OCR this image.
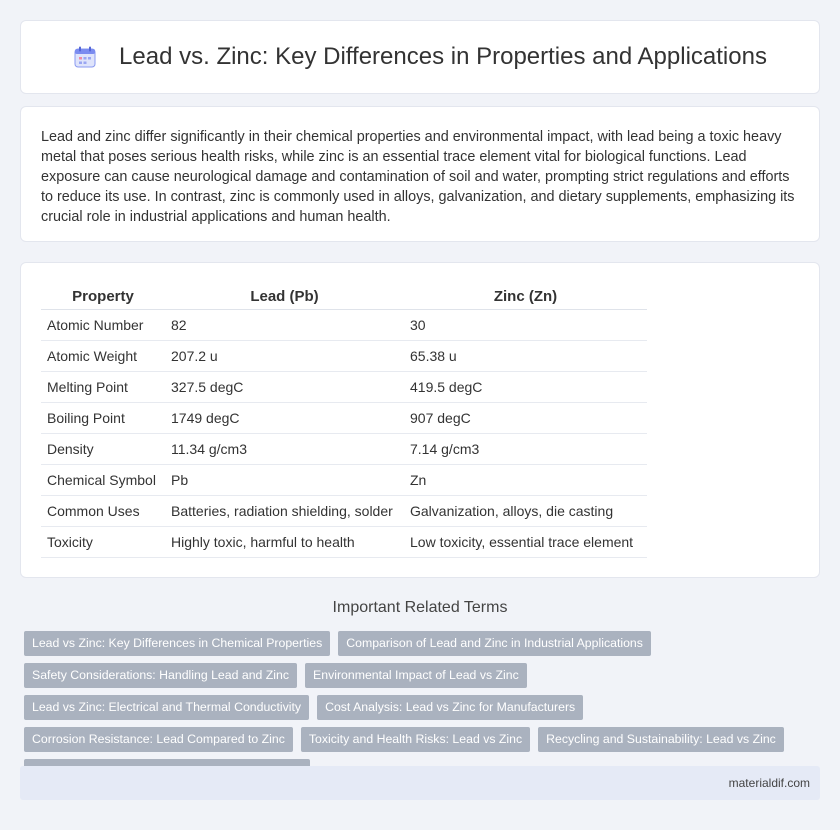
Lead vs. Zinc: Key Differences in Properties and Applications

Lead and zinc differ significantly in their chemical properties and environmental impact, with lead being a toxic heavy metal that poses serious health risks, while zinc is an essential trace element vital for biological functions. Lead exposure can cause neurological damage and contamination of soil and water, prompting strict regulations and efforts to reduce its use. In contrast, zinc is commonly used in alloys, galvanization, and dietary supplements, emphasizing its crucial role in industrial applications and human health.

Property	Lead (Pb)	Zinc (Zn)
Atomic Number	82	30
Atomic Weight	207.2 u	65.38 u
Melting Point	327.5 degC	419.5 degC
Boiling Point	1749 degC	907 degC
Density	11.34 g/cm3	7.14 g/cm3
Chemical Symbol	Pb	Zn
Common Uses	Batteries, radiation shielding, solder	Galvanization, alloys, die casting
Toxicity	Highly toxic, harmful to health	Low toxicity, essential trace element
Important Related Terms
Lead vs Zinc: Key Differences in Chemical Properties	Comparison of Lead and Zinc in Industrial Applications
Safety Considerations: Handling Lead and Zinc	Environmental Impact of Lead vs Zinc
Lead vs Zinc: Electrical and Thermal Conductivity	Cost Analysis: Lead vs Zinc for Manufacturers
Corrosion Resistance: Lead Compared to Zinc	Toxicity and Health Risks: Lead vs Zinc	Recycling and Sustainability: Lead vs Zinc
materialdif.com
